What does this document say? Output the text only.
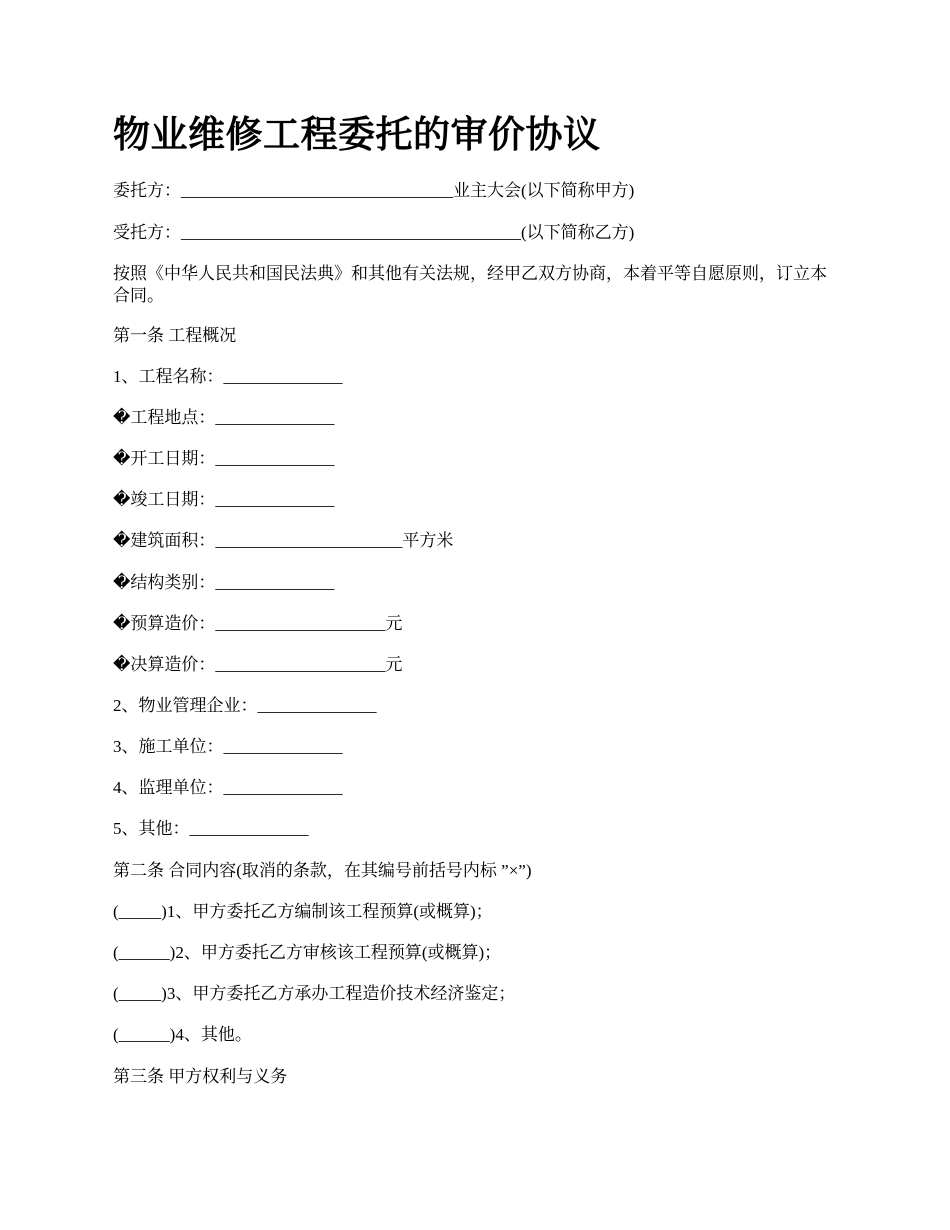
物业维修工程委托的审价协议

委托方：________________________________业主大会(以下简称甲方)

受托方：________________________________________(以下简称乙方)

按照《中华人民共和国民法典》和其他有关法规，经甲乙双方协商，本着平等自愿原则，订立本合同。

第一条 工程概况

1、工程名称：______________

�工程地点：______________

�开工日期：______________

�竣工日期：______________

�建筑面积：______________________平方米

�结构类别：______________

�预算造价：____________________元

�决算造价：____________________元

2、物业管理企业：______________

3、施工单位：______________

4、监理单位：______________

5、其他：______________

第二条 合同内容(取消的条款，在其编号前括号内标 ”×”)

(_____)1、甲方委托乙方编制该工程预算(或概算)；

(______)2、甲方委托乙方审核该工程预算(或概算)；

(_____)3、甲方委托乙方承办工程造价技术经济鉴定；

(______)4、其他。

第三条 甲方权利与义务
